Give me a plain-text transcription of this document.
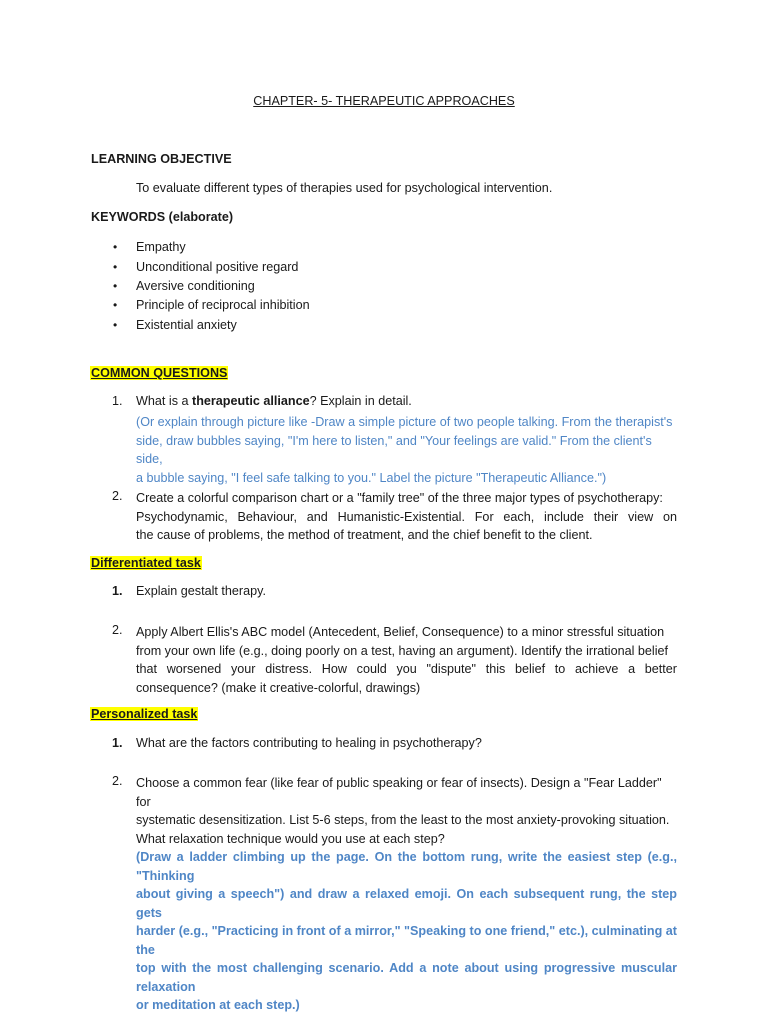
CHAPTER- 5- THERAPEUTIC APPROACHES
LEARNING OBJECTIVE
To evaluate different types of therapies used for psychological intervention.
KEYWORDS (elaborate)
• Empathy
• Unconditional positive regard
• Aversive conditioning
• Principle of reciprocal inhibition
• Existential anxiety
COMMON QUESTIONS
1. What is a therapeutic alliance? Explain in detail.
(Or explain through picture like -Draw a simple picture of two people talking. From the therapist's
side, draw bubbles saying, "I'm here to listen," and "Your feelings are valid." From the client's side,
a bubble saying, "I feel safe talking to you." Label the picture "Therapeutic Alliance.")
2. Create a colorful comparison chart or a "family tree" of the three major types of psychotherapy:
Psychodynamic, Behaviour, and Humanistic-Existential. For each, include their view on
the cause of problems, the method of treatment, and the chief benefit to the client.
Differentiated task
1. Explain gestalt therapy.
2. Apply Albert Ellis's ABC model (Antecedent, Belief, Consequence) to a minor stressful situation
from your own life (e.g., doing poorly on a test, having an argument). Identify the irrational belief
that worsened your distress. How could you "dispute" this belief to achieve a better
consequence? (make it creative-colorful, drawings)
Personalized task
1. What are the factors contributing to healing in psychotherapy?
2. Choose a common fear (like fear of public speaking or fear of insects). Design a "Fear Ladder" for
systematic desensitization. List 5-6 steps, from the least to the most anxiety-provoking situation.
What relaxation technique would you use at each step?
(Draw a ladder climbing up the page. On the bottom rung, write the easiest step (e.g., "Thinking
about giving a speech") and draw a relaxed emoji. On each subsequent rung, the step gets
harder (e.g., "Practicing in front of a mirror," "Speaking to one friend," etc.), culminating at the
top with the most challenging scenario. Add a note about using progressive muscular relaxation
or meditation at each step.)
